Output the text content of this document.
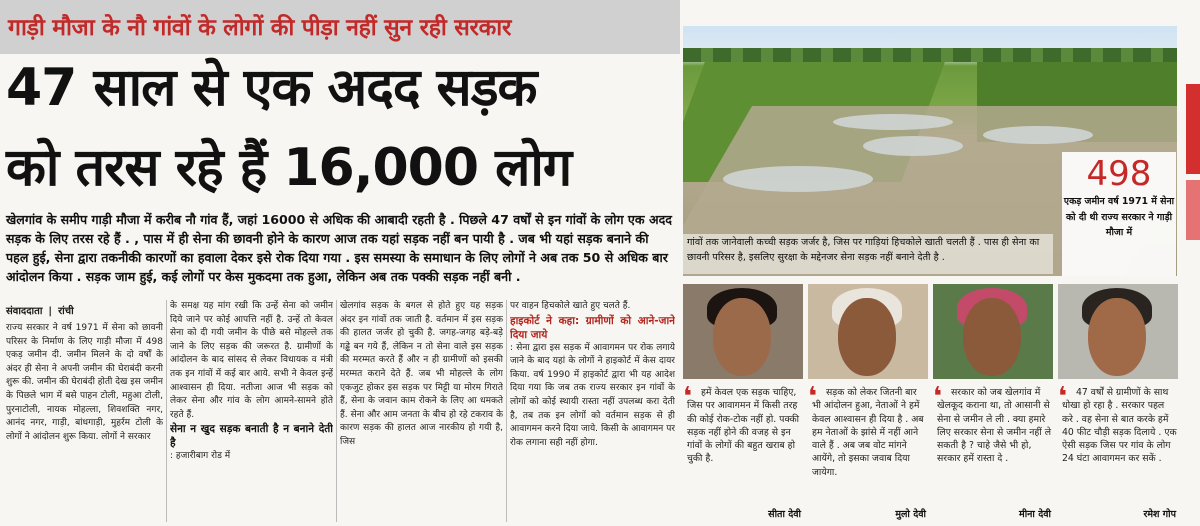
गाड़ी मौजा के नौ गांवों के लोगों की पीड़ा नहीं सुन रही सरकार
47 साल से एक अदद सड़क
को तरस रहे हैं 16,000 लोग
खेलगांव के समीप गाड़ी मौजा में करीब नौ गांव हैं, जहां 16000 से अधिक की आबादी रहती है . पिछले 47 वर्षों से इन गांवों के लोग एक अदद सड़क के लिए तरस रहे हैं . , पास में ही सेना की छावनी होने के कारण आज तक यहां सड़क नहीं बन पायी है . जब भी यहां सड़क बनाने की पहल हुई, सेना द्वारा तकनीकी कारणों का हवाला देकर इसे रोक दिया गया . इस समस्या के समाधान के लिए लोगों ने अब तक 50 से अधिक बार आंदोलन किया . सड़क जाम हुई, कई लोगों पर केस मुकदमा तक हुआ, लेकिन अब तक पक्की सड़क नहीं बनी .
संवाददाता | रांची
राज्य सरकार ने वर्ष 1971 में सेना को छावनी परिसर के निर्माण के लिए गाड़ी मौजा में 498 एकड़ जमीन दी. जमीन मिलने के दो वर्षों के अंदर ही सेना ने अपनी जमीन की घेराबंदी करनी शुरू की. जमीन की घेराबंदी होती देख इस जमीन के पिछले भाग में बसे पाहन टोली, महुआ टोली, पुरनाटोली, नायक मोहल्ला, शिवशक्ति नगर, आनंद नगर, गाड़ी, बांधगाड़ी, मुहर्रम टोली के लोगों ने आंदोलन शुरू किया. लोगों ने सरकार
के समक्ष यह मांग रखी कि उन्हें सेना को जमीन दिये जाने पर कोई आपत्ति नहीं है. उन्हें तो केवल सेना को दी गयी जमीन के पीछे बसे मोहल्ले तक जाने के लिए सड़क की जरूरत है. ग्रामीणों के आंदोलन के बाद सांसद से लेकर विधायक व मंत्री तक इन गांवों में कई बार आये. सभी ने केवल इन्हें आश्वासन ही दिया. नतीजा आज भी सड़क को लेकर सेना और गांव के लोग आमने-सामने होते रहते हैं.
सेना न खुद सड़क बनाती है न बनाने देती है
: हजारीबाग रोड में
खेलगांव सड़क के बगल से होते हुए यह सड़क अंदर इन गांवों तक जाती है. वर्तमान में इस सड़क की हालत जर्जर हो चुकी है. जगह-जगह बड़े-बड़े गड्ढे बन गये हैं, लेकिन न तो सेना वाले इस सड़क की मरम्मत करते हैं और न ही ग्रामीणों को इसकी मरम्मत कराने देते हैं. जब भी मोहल्ले के लोग एकजुट होकर इस सड़क पर मिट्टी या मोरम गिराते हैं, सेना के जवान काम रोकने के लिए आ धमकते हैं. सेना और आम जनता के बीच हो रहे टकराव के कारण सड़क की हालत आज नारकीय हो गयी है, जिस
पर वाहन हिचकोले खाते हुए चलते हैं.
हाइकोर्ट ने कहा: ग्रामीणों को आने-जाने दिया जाये
: सेना द्वारा इस सड़क में आवागमन पर रोक लगाये जाने के बाद यहां के लोगों ने हाइकोर्ट में केस दायर किया. वर्ष 1990 में हाइकोर्ट द्वारा भी यह आदेश दिया गया कि जब तक राज्य सरकार इन गांवों के लोगों को कोई स्थायी रास्ता नहीं उपलब्ध करा देती है, तब तक इन लोगों को वर्तमान सड़क से ही आवागमन करने दिया जाये. किसी के आवागमन पर रोक लगाना सही नहीं होगा.
गांवों तक जानेवाली कच्ची सड़क जर्जर है, जिस पर गाड़ियां हिचकोले खाती चलती हैं . पास ही सेना का छावनी परिसर है, इसलिए सुरक्षा के मद्देनजर सेना सड़क नहीं बनाने देती है .
498
एकड़ जमीन वर्ष 1971 में सेना को दी थी राज्य सरकार ने गाड़ी मौजा में
❛ हमें केवल एक सड़क चाहिए, जिस पर आवागमन में किसी तरह की कोई रोक-टोक नहीं हो. पक्की सड़क नहीं होने की वजह से इन गांवों के लोगों की बहुत खराब हो चुकी है.
सीता देवी
❛ सड़क को लेकर जितनी बार भी आंदोलन हुआ, नेताओं ने हमें केवल आश्वासन ही दिया है . अब हम नेताओं के झांसे में नहीं आने वाले हैं . अब जब वोट मांगने आयेंगे, तो इसका जवाब दिया जायेगा.
मुलो देवी
❛ सरकार को जब खेलगांव में खेलकूद कराना था, तो आसानी से सेना से जमीन ले ली . क्या हमारे लिए सरकार सेना से जमीन नहीं ले सकती है ? चाहे जैसे भी हो, सरकार हमें रास्ता दे .
मीना देवी
❛ 47 वर्षों से ग्रामीणों के साथ धोखा हो रहा है . सरकार पहल करे . वह सेना से बात करके हमें 40 फीट चौड़ी सड़क दिलाये . एक ऐसी सड़क जिस पर गांव के लोग 24 घंटा आवागमन कर सकें .
रमेश गोप
